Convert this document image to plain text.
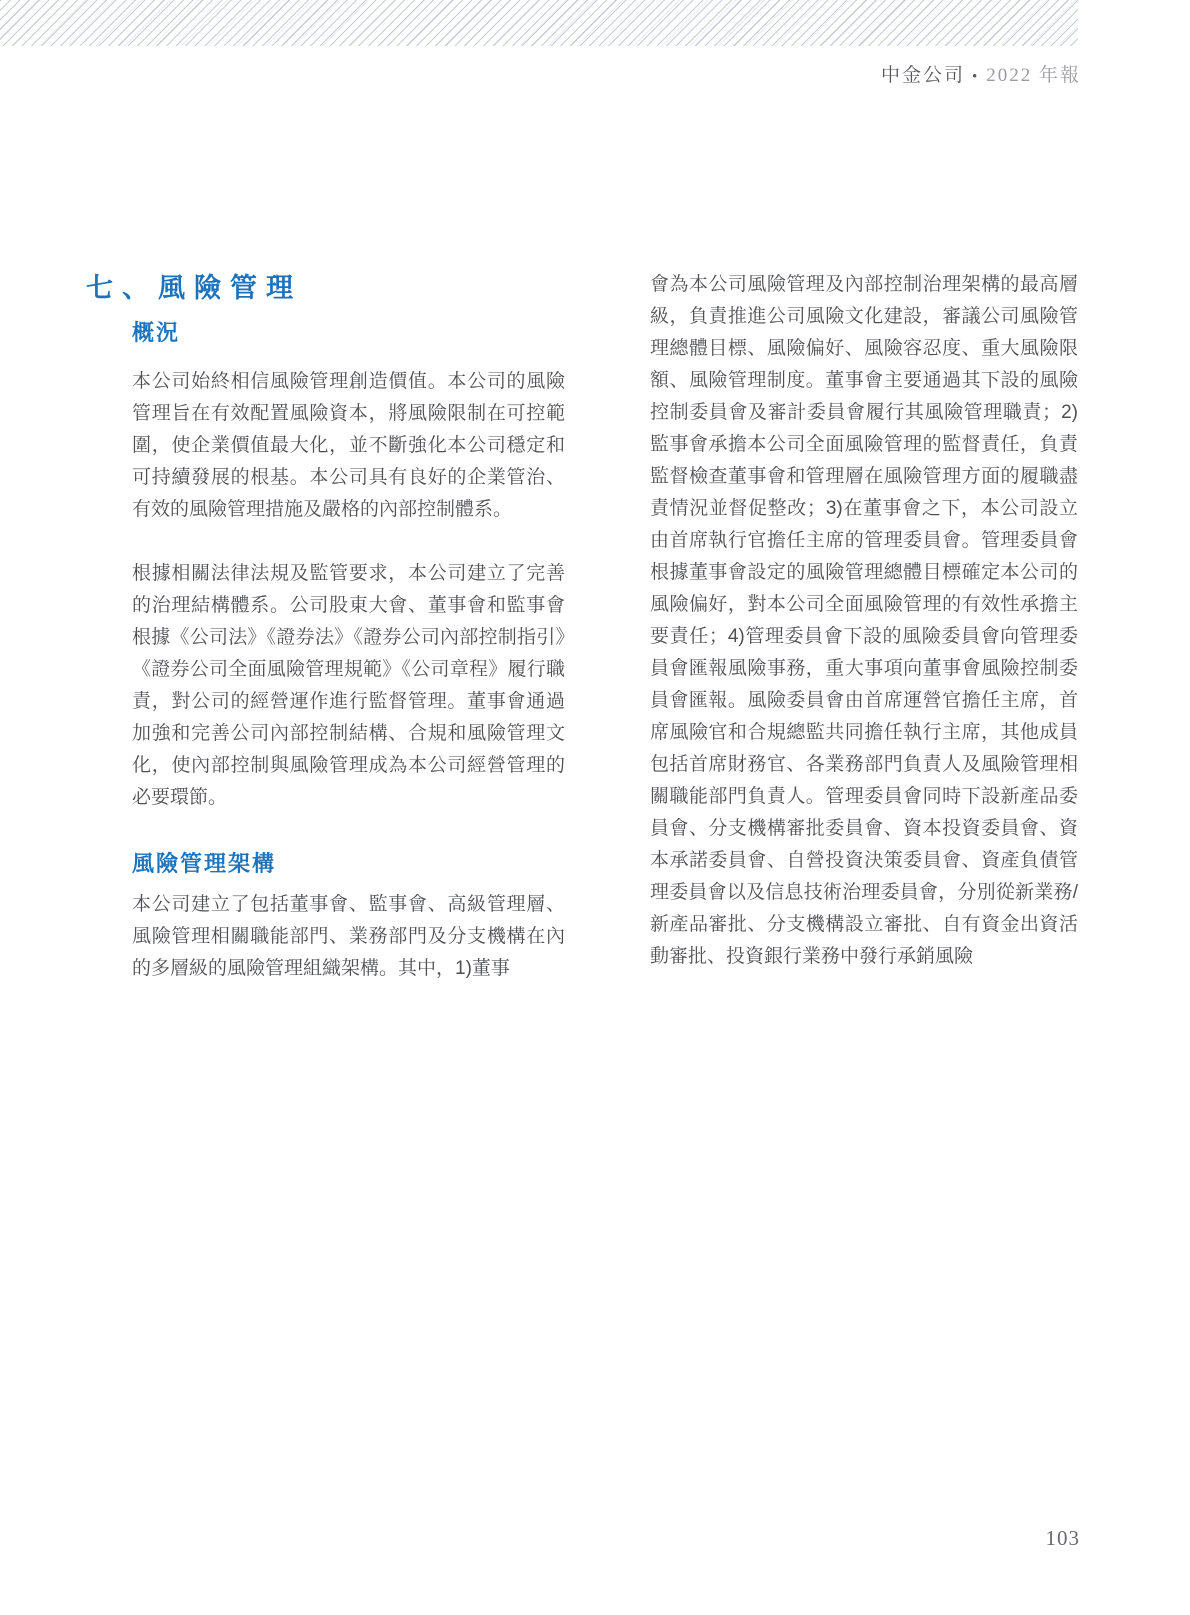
中金公司 • 2022 年報
七、風險管理
概況

本公司始終相信風險管理創造價值。本公司的風險管理旨在有效配置風險資本，將風險限制在可控範圍，使企業價值最大化，並不斷強化本公司穩定和可持續發展的根基。本公司具有良好的企業管治、有效的風險管理措施及嚴格的內部控制體系。

根據相關法律法規及監管要求，本公司建立了完善的治理結構體系。公司股東大會、董事會和監事會根據《公司法》《證券法》《證券公司內部控制指引》《證券公司全面風險管理規範》《公司章程》履行職責，對公司的經營運作進行監督管理。董事會通過加強和完善公司內部控制結構、合規和風險管理文化，使內部控制與風險管理成為本公司經營管理的必要環節。

風險管理架構

本公司建立了包括董事會、監事會、高級管理層、風險管理相關職能部門、業務部門及分支機構在內的多層級的風險管理組織架構。其中，1)董事

會為本公司風險管理及內部控制治理架構的最高層級，負責推進公司風險文化建設，審議公司風險管理總體目標、風險偏好、風險容忍度、重大風險限額、風險管理制度。董事會主要通過其下設的風險控制委員會及審計委員會履行其風險管理職責；2)監事會承擔本公司全面風險管理的監督責任，負責監督檢查董事會和管理層在風險管理方面的履職盡責情況並督促整改；3)在董事會之下，本公司設立由首席執行官擔任主席的管理委員會。管理委員會根據董事會設定的風險管理總體目標確定本公司的風險偏好，對本公司全面風險管理的有效性承擔主要責任；4)管理委員會下設的風險委員會向管理委員會匯報風險事務，重大事項向董事會風險控制委員會匯報。風險委員會由首席運營官擔任主席，首席風險官和合規總監共同擔任執行主席，其他成員包括首席財務官、各業務部門負責人及風險管理相關職能部門負責人。管理委員會同時下設新產品委員會、分支機構審批委員會、資本投資委員會、資本承諾委員會、自營投資決策委員會、資產負債管理委員會以及信息技術治理委員會，分別從新業務/新產品審批、分支機構設立審批、自有資金出資活動審批、投資銀行業務中發行承銷風險

103
